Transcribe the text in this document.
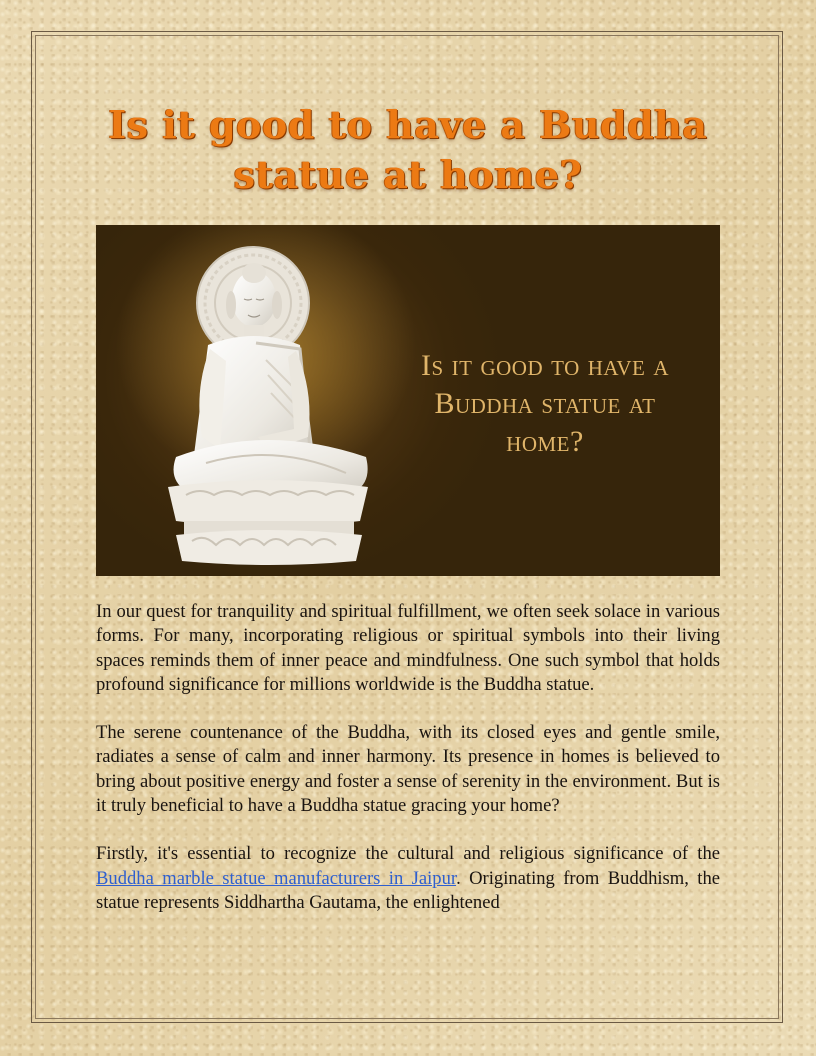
Is it good to have a Buddha statue at home?
Is it good to have a Buddha statue at home?

In our quest for tranquility and spiritual fulfillment, we often seek solace in various forms. For many, incorporating religious or spiritual symbols into their living spaces reminds them of inner peace and mindfulness. One such symbol that holds profound significance for millions worldwide is the Buddha statue.

The serene countenance of the Buddha, with its closed eyes and gentle smile, radiates a sense of calm and inner harmony. Its presence in homes is believed to bring about positive energy and foster a sense of serenity in the environment. But is it truly beneficial to have a Buddha statue gracing your home?

Firstly, it's essential to recognize the cultural and religious significance of the Buddha marble statue manufacturers in Jaipur. Originating from Buddhism, the statue represents Siddhartha Gautama, the enlightened
